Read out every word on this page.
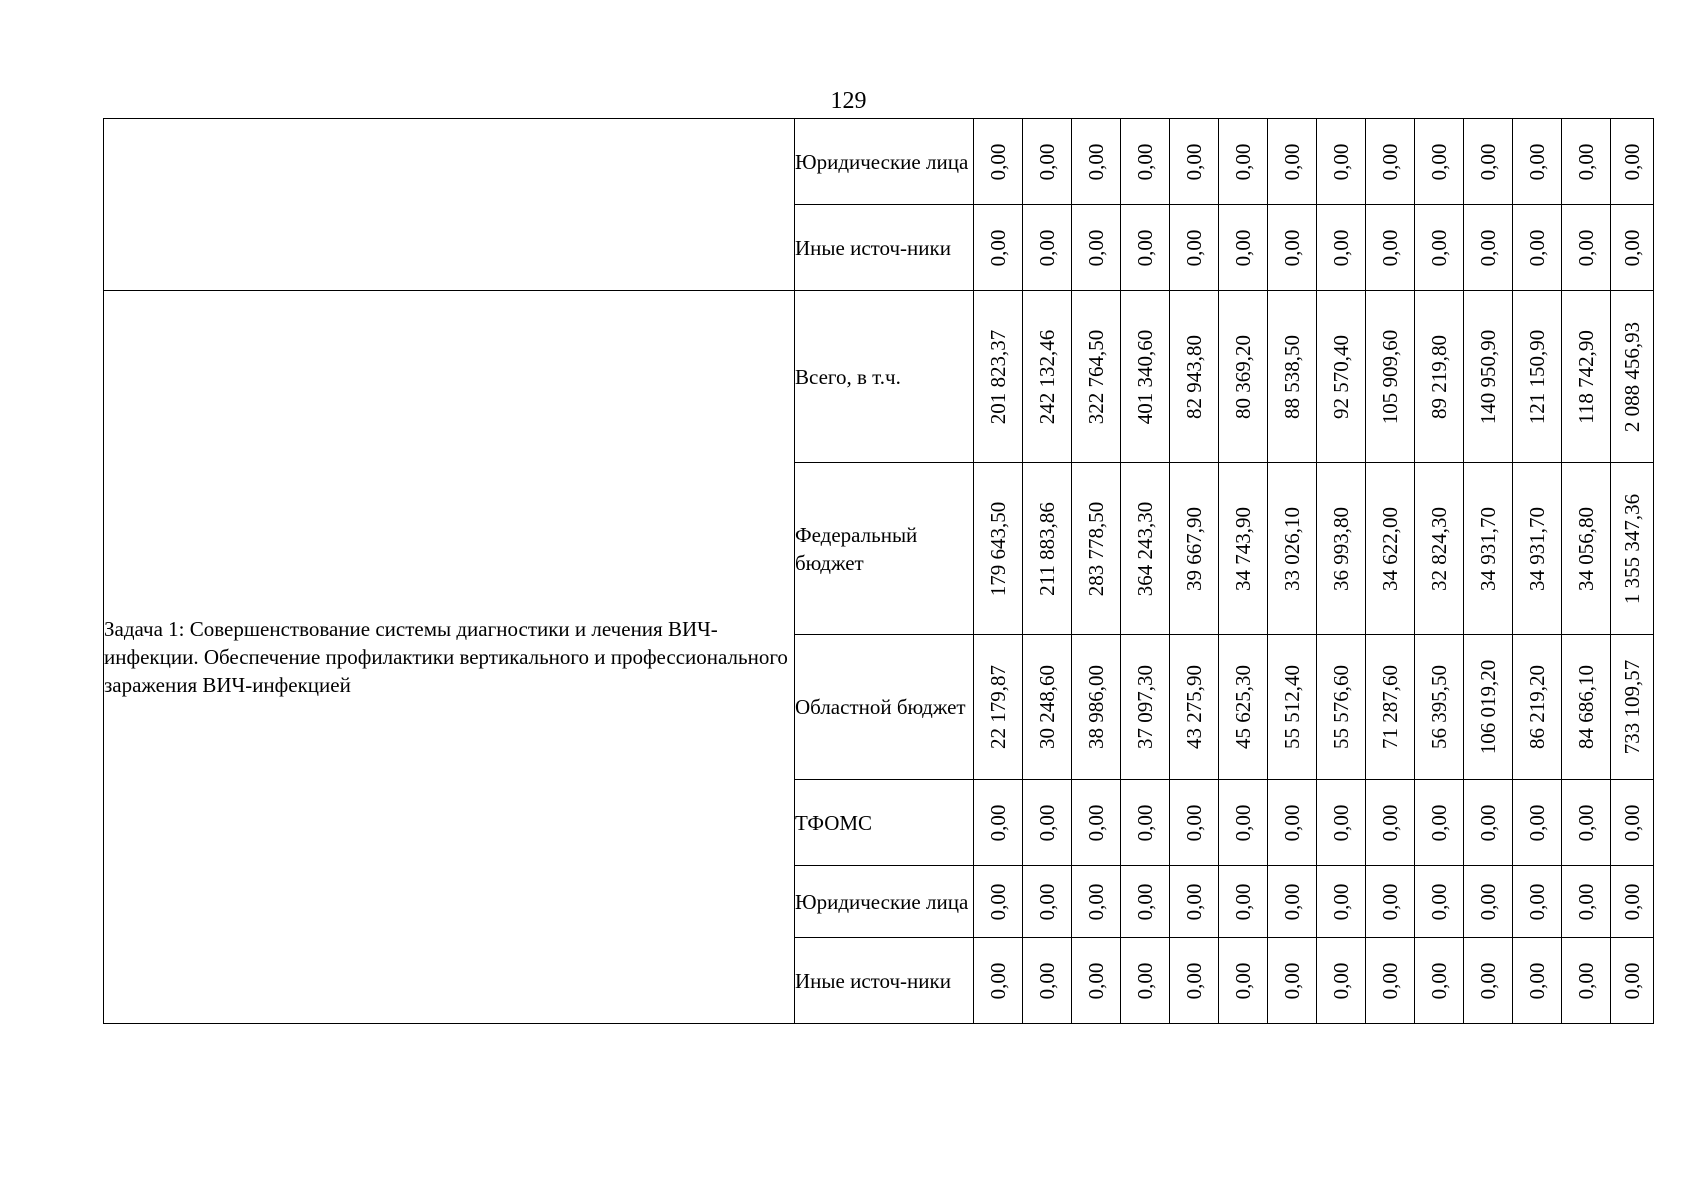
129
	Юридические лица	0,00	0,00	0,00	0,00	0,00	0,00	0,00	0,00	0,00	0,00	0,00	0,00	0,00	0,00

	Иные источ-ники	0,00	0,00	0,00	0,00	0,00	0,00	0,00	0,00	0,00	0,00	0,00	0,00	0,00	0,00

Задача 1: Совершенствование системы диагностики и лечения ВИЧ-инфекции. Обеспечение профилактики вертикального и профессионального заражения ВИЧ-инфекцией	Всего, в т.ч.	201 823,37	242 132,46	322 764,50	401 340,60	82 943,80	80 369,20	88 538,50	92 570,40	105 909,60	89 219,80	140 950,90	121 150,90	118 742,90	2 088 456,93

	Федеральный бюджет	179 643,50	211 883,86	283 778,50	364 243,30	39 667,90	34 743,90	33 026,10	36 993,80	34 622,00	32 824,30	34 931,70	34 931,70	34 056,80	1 355 347,36

	Областной бюджет	22 179,87	30 248,60	38 986,00	37 097,30	43 275,90	45 625,30	55 512,40	55 576,60	71 287,60	56 395,50	106 019,20	86 219,20	84 686,10	733 109,57

	ТФОМС	0,00	0,00	0,00	0,00	0,00	0,00	0,00	0,00	0,00	0,00	0,00	0,00	0,00	0,00

	Юридические лица	0,00	0,00	0,00	0,00	0,00	0,00	0,00	0,00	0,00	0,00	0,00	0,00	0,00	0,00

	Иные источ-ники	0,00	0,00	0,00	0,00	0,00	0,00	0,00	0,00	0,00	0,00	0,00	0,00	0,00	0,00
